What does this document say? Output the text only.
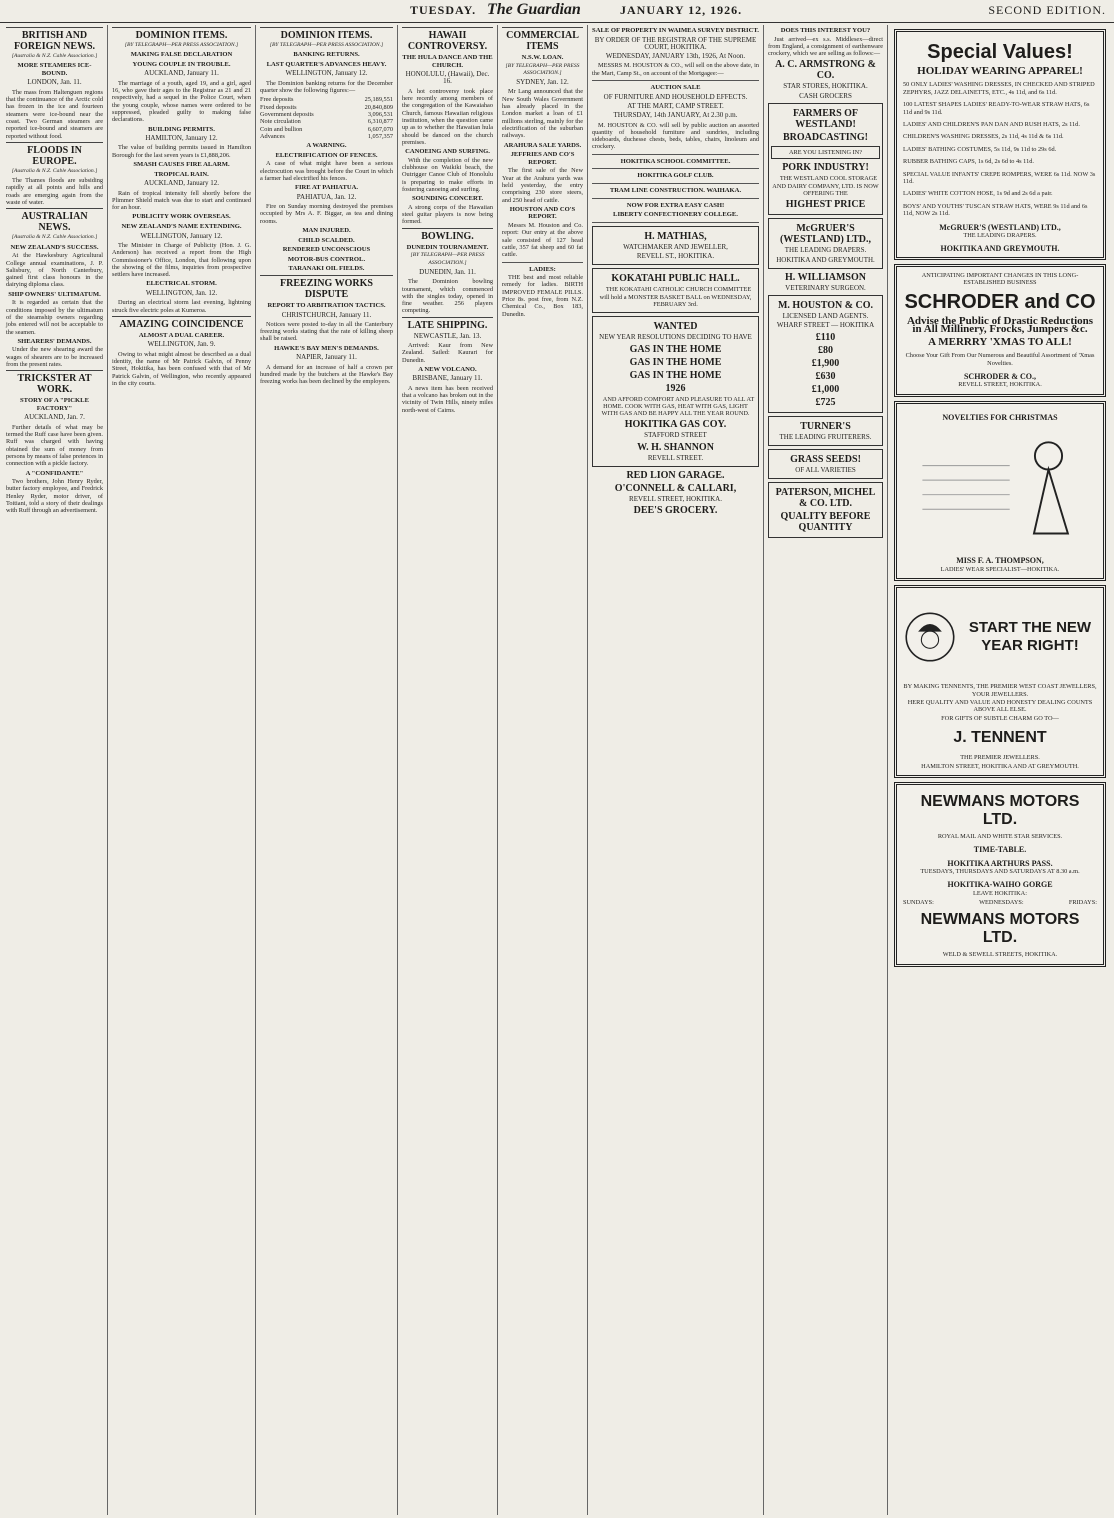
TUESDAY. The Guardian	JANUARY 12, 1926.	SECOND EDITION.
BRITISH AND FOREIGN NEWS.
[Australia & N.Z. Cable Association.]
MORE STEAMERS ICE-BOUND.
LONDON, Jan. 11.

The mass from Haltenguen regions that the continuance of the Arctic cold has frozen in the ice and fourteen steamers were ice-bound near the coast. Two German steamers are reported ice-bound and steamers are reported without food.

FLOODS IN EUROPE.
[Australia & N.Z. Cable Association.]

The Thames floods are subsiding rapidly at all points and hills and roads are emerging again from the waste of water.

AUSTRALIAN NEWS.
[Australia & N.Z. Cable Association.]
NEW ZEALAND'S SUCCESS.

At the Hawkesbury Agricultural College annual examinations, J. P. Salisbury, of North Canterbury, gained first class honours in the dairying diploma class.

SHIP OWNERS' ULTIMATUM.

It is regarded as certain that the conditions imposed by the ultimatum of the steamship owners regarding jobs entered will not be acceptable to the seamen.

SHEARERS' DEMANDS.

Under the new shearing award the wages of shearers are to be increased from the present rates.

TRICKSTER AT WORK.
STORY OF A "PICKLE FACTORY"
AUCKLAND, Jan. 7.

Further details of what may be termed the Ruff case have been given. Ruff was charged with having obtained the sum of money from persons by means of false pretences in connection with a pickle factory.

A "CONFIDANTE"

Two brothers, John Henry Ryder, butter factory employee, and Fredrick Henley Ryder, motor driver, of Toitiani, told a story of their dealings with Ruff through an advertisement.

DOMINION ITEMS.
[BY TELEGRAPH—PER PRESS ASSOCIATION.]
MAKING FALSE DECLARATION
YOUNG COUPLE IN TROUBLE.
AUCKLAND, January 11.

The marriage of a youth, aged 19, and a girl, aged 16, who gave their ages to the Registrar as 21 and 21 respectively, had a sequel in the Police Court, when the young couple, whose names were ordered to be suppressed, pleaded guilty to making false declarations.

BUILDING PERMITS.
HAMILTON, January 12.

The value of building permits issued in Hamilton Borough for the last seven years is £1,888,206.

SMASH CAUSES FIRE ALARM.
TROPICAL RAIN.
AUCKLAND, January 12.

Rain of tropical intensity fell shortly before the Plimmer Shield match was due to start and continued for an hour.

PUBLICITY WORK OVERSEAS.
NEW ZEALAND'S NAME EXTENDING.
WELLINGTON, January 12.

The Minister in Charge of Publicity (Hon. J. G. Anderson) has received a report from the High Commissioner's Office, London, that following upon the showing of the films, inquiries from prospective settlers have increased.

ELECTRICAL STORM.
WELLINGTON, Jan. 12.

During an electrical storm last evening, lightning struck five electric poles at Kumeroa.

AMAZING COINCIDENCE
ALMOST A DUAL CAREER.
WELLINGTON, Jan. 9.

Owing to what might almost be described as a dual identity, the name of Mr Patrick Galvin, of Penny Street, Hokitika, has been confused with that of Mr Patrick Galvin, of Wellington, who recently appeared in the city courts.

DOMINION ITEMS.
[BY TELEGRAPH—PER PRESS ASSOCIATION.]
BANKING RETURNS.
LAST QUARTER'S ADVANCES HEAVY.
WELLINGTON, January 12.

The Dominion banking returns for the December quarter show the following figures:—

Free deposits	25,189,551
Fixed deposits	20,840,809
Government deposits	3,096,531
Note circulation	6,310,877
Coin and bullion	6,607,070
Advances	1,057,357
A WARNING.
ELECTRIFICATION OF FENCES.

A case of what might have been a serious electrocution was brought before the Court in which a farmer had electrified his fences.

FIRE AT PAHIATUA.
PAHIATUA, Jan. 12.

Fire on Sunday morning destroyed the premises occupied by Mrs A. F. Biggar, as tea and dining rooms.

MAN INJURED.
CHILD SCALDED.
RENDERED UNCONSCIOUS
MOTOR-BUS CONTROL.
TARANAKI OIL FIELDS.
FREEZING WORKS DISPUTE
REPORT TO ARBITRATION TACTICS.
CHRISTCHURCH, January 11.

Notices were posted to-day in all the Canterbury freezing works stating that the rate of killing sheep shall be raised.

HAWKE'S BAY MEN'S DEMANDS.
NAPIER, January 11.

A demand for an increase of half a crown per hundred made by the butchers at the Hawke's Bay freezing works has been declined by the employers.

HAWAII CONTROVERSY.
THE HULA DANCE AND THE CHURCH.
HONOLULU, (Hawaii), Dec. 16.

A hot controversy took place here recently among members of the congregation of the Kawaiahao Church, famous Hawaiian religious institution, when the question came up as to whether the Hawaiian hula should be danced on the church premises.

CANOEING AND SURFING.

With the completion of the new clubhouse on Waikiki beach, the Outrigger Canoe Club of Honolulu is preparing to make efforts in fostering canoeing and surfing.

SOUNDING CONCERT.

A strong corps of the Hawaiian steel guitar players is now being formed.

BOWLING.
DUNEDIN TOURNAMENT.
[BY TELEGRAPH—PER PRESS ASSOCIATION.]
DUNEDIN, Jan. 11.

The Dominion bowling tournament, which commenced with the singles today, opened in fine weather. 256 players competing.

LATE SHIPPING.
NEWCASTLE, Jan. 13.

Arrived: Kaur from New Zealand. Sailed: Kaurari for Dunedin.

A NEW VOLCANO.
BRISBANE, January 11.

A news item has been received that a volcano has broken out in the vicinity of Twin Hills, ninety miles north-west of Cairns.

COMMERCIAL ITEMS
N.S.W. LOAN.
[BY TELEGRAPH—PER PRESS ASSOCIATION.]
SYDNEY, Jan. 12.

Mr Lang announced that the New South Wales Government has already placed in the London market a loan of £1 millions sterling, mainly for the electrification of the suburban railways.

ARAHURA SALE YARDS.
JEFFRIES AND CO'S REPORT.

The first sale of the New Year at the Arahura yards was held yesterday, the entry comprising 230 store steers, and 250 head of cattle.

HOUSTON AND CO'S REPORT.

Messrs M. Houston and Co. report: Our entry at the above sale consisted of 127 head cattle, 357 fat sheep and 60 fat cattle.

LADIES:

THE best and most reliable remedy for ladies. BIRTH IMPROVED FEMALE PILLS. Price 8s. post free, from N.Z. Chemical Co., Box 183, Dunedin.

SALE OF PROPERTY IN WAIMEA SURVEY DISTRICT.
BY ORDER OF THE REGISTRAR OF THE SUPREME COURT, HOKITIKA.
WEDNESDAY, JANUARY 13th, 1926, At Noon.

MESSRS M. HOUSTON & CO., will sell on the above date, in the Mart, Camp St., on account of the Mortgagee:—

AUCTION SALE
OF FURNITURE AND HOUSEHOLD EFFECTS.
AT THE MART, CAMP STREET.
THURSDAY, 14th JANUARY, At 2.30 p.m.

M. HOUSTON & CO. will sell by public auction an assorted quantity of household furniture and sundries, including sideboards, duchesse chests, beds, tables, chairs, linoleum and crockery.

HOKITIKA SCHOOL COMMITTEE.
HOKITIKA GOLF CLUB.
TRAM LINE CONSTRUCTION. WAIHAKA.
NOW FOR EXTRA EASY CASH!
LIBERTY CONFECTIONERY COLLEGE.
H. MATHIAS,
WATCHMAKER AND JEWELLER,
REVELL ST., HOKITIKA.
KOKATAHI PUBLIC HALL.

THE KOKATAHI CATHOLIC CHURCH COMMITTEE will hold a MONSTER BASKET BALL on WEDNESDAY, FEBRUARY 3rd.

WANTED
NEW YEAR RESOLUTIONS DECIDING TO HAVE
GAS IN THE HOME
GAS IN THE HOME
GAS IN THE HOME
1926

AND AFFORD COMFORT AND PLEASURE TO ALL AT HOME. COOK WITH GAS, HEAT WITH GAS, LIGHT WITH GAS AND BE HAPPY ALL THE YEAR ROUND.

HOKITIKA GAS COY.
STAFFORD STREET
W. H. SHANNON
REVELL STREET.
RED LION GARAGE.
O'CONNELL & CALLARI,
REVELL STREET, HOKITIKA.
DEE'S GROCERY.
DOES THIS INTEREST YOU?

Just arrived—ex s.s. Middlesex—direct from England, a consignment of earthenware crockery, which we are selling as follows:—

A. C. ARMSTRONG & CO.
STAR STORES, HOKITIKA.
CASH GROCERS
FARMERS OF WESTLAND!
BROADCASTING!
ARE YOU LISTENING IN?
PORK INDUSTRY!

THE WESTLAND COOL STORAGE AND DAIRY COMPANY, LTD. IS NOW OFFERING THE

HIGHEST PRICE
McGRUER'S (WESTLAND) LTD.,
THE LEADING DRAPERS.
HOKITIKA AND GREYMOUTH.
H. WILLIAMSON
VETERINARY SURGEON.
M. HOUSTON & CO.
LICENSED LAND AGENTS.
WHARF STREET — HOKITIKA
£110
£80
£1,900
£630
£1,000
£725
TURNER'S
THE LEADING FRUITERERS.
GRASS SEEDS!
OF ALL VARIETIES
PATERSON, MICHEL & CO. LTD.
QUALITY BEFORE QUANTITY
Special Values!
HOLIDAY WEARING APPAREL!
50 ONLY LADIES' WASHING DRESSES, IN CHECKED AND STRIPED ZEPHYRS, JAZZ DELAINETTS, ETC., 4s 11d, and 6s 11d.
100 LATEST SHAPES LADIES' READY-TO-WEAR STRAW HATS, 6s 11d and 9s 11d.
LADIES' AND CHILDREN'S PAN DAN AND RUSH HATS, 2s 11d.
CHILDREN'S WASHING DRESSES, 2s 11d, 4s 11d & 6s 11d.
LADIES' BATHING COSTUMES, 5s 11d, 9s 11d to 29s 6d.
RUBBER BATHING CAPS, 1s 6d, 2s 6d to 4s 11d.
SPECIAL VALUE INFANTS' CREPE ROMPERS, WERE 6s 11d. NOW 3s 11d.
LADIES' WHITE COTTON HOSE, 1s 9d and 2s 6d a pair.
BOYS' AND YOUTHS' TUSCAN STRAW HATS, WERE 9s 11d and 6s 11d, NOW 2s 11d.
McGRUER'S (WESTLAND) LTD.,
THE LEADING DRAPERS.
HOKITIKA AND GREYMOUTH.
ANTICIPATING IMPORTANT CHANGES IN THIS LONG-ESTABLISHED BUSINESS
SCHRODER and CO
Advise the Public of Drastic Reductions in All Millinery, Frocks, Jumpers &c.
A MERRRY 'XMAS TO ALL!
Choose Your Gift From Our Numerous and Beautiful Assortment of 'Xmas Novelties.
SCHRODER & CO.,
REVELL STREET, HOKITIKA.
NOVELTIES FOR CHRISTMAS
MISS F. A. THOMPSON,
LADIES' WEAR SPECIALIST—HOKITIKA.
START THE NEW YEAR RIGHT!
BY MAKING TENNENTS, THE PREMIER WEST COAST JEWELLERS, YOUR JEWELLERS.
HERE QUALITY AND VALUE AND HONESTY DEALING COUNTS ABOVE ALL ELSE.
FOR GIFTS OF SUBTLE CHARM GO TO—
J. TENNENT
THE PREMIER JEWELLERS.
HAMILTON STREET, HOKITIKA AND AT GREYMOUTH.
NEWMANS MOTORS LTD.
ROYAL MAIL AND WHITE STAR SERVICES.
TIME-TABLE.
HOKITIKA ARTHURS PASS.
TUESDAYS, THURSDAYS AND SATURDAYS AT 8.30 a.m.
HOKITIKA-WAIHO GORGE
LEAVE HOKITIKA:
SUNDAYS:	WEDNESDAYS:	FRIDAYS:
NEWMANS MOTORS LTD.
WELD & SEWELL STREETS, HOKITIKA.
